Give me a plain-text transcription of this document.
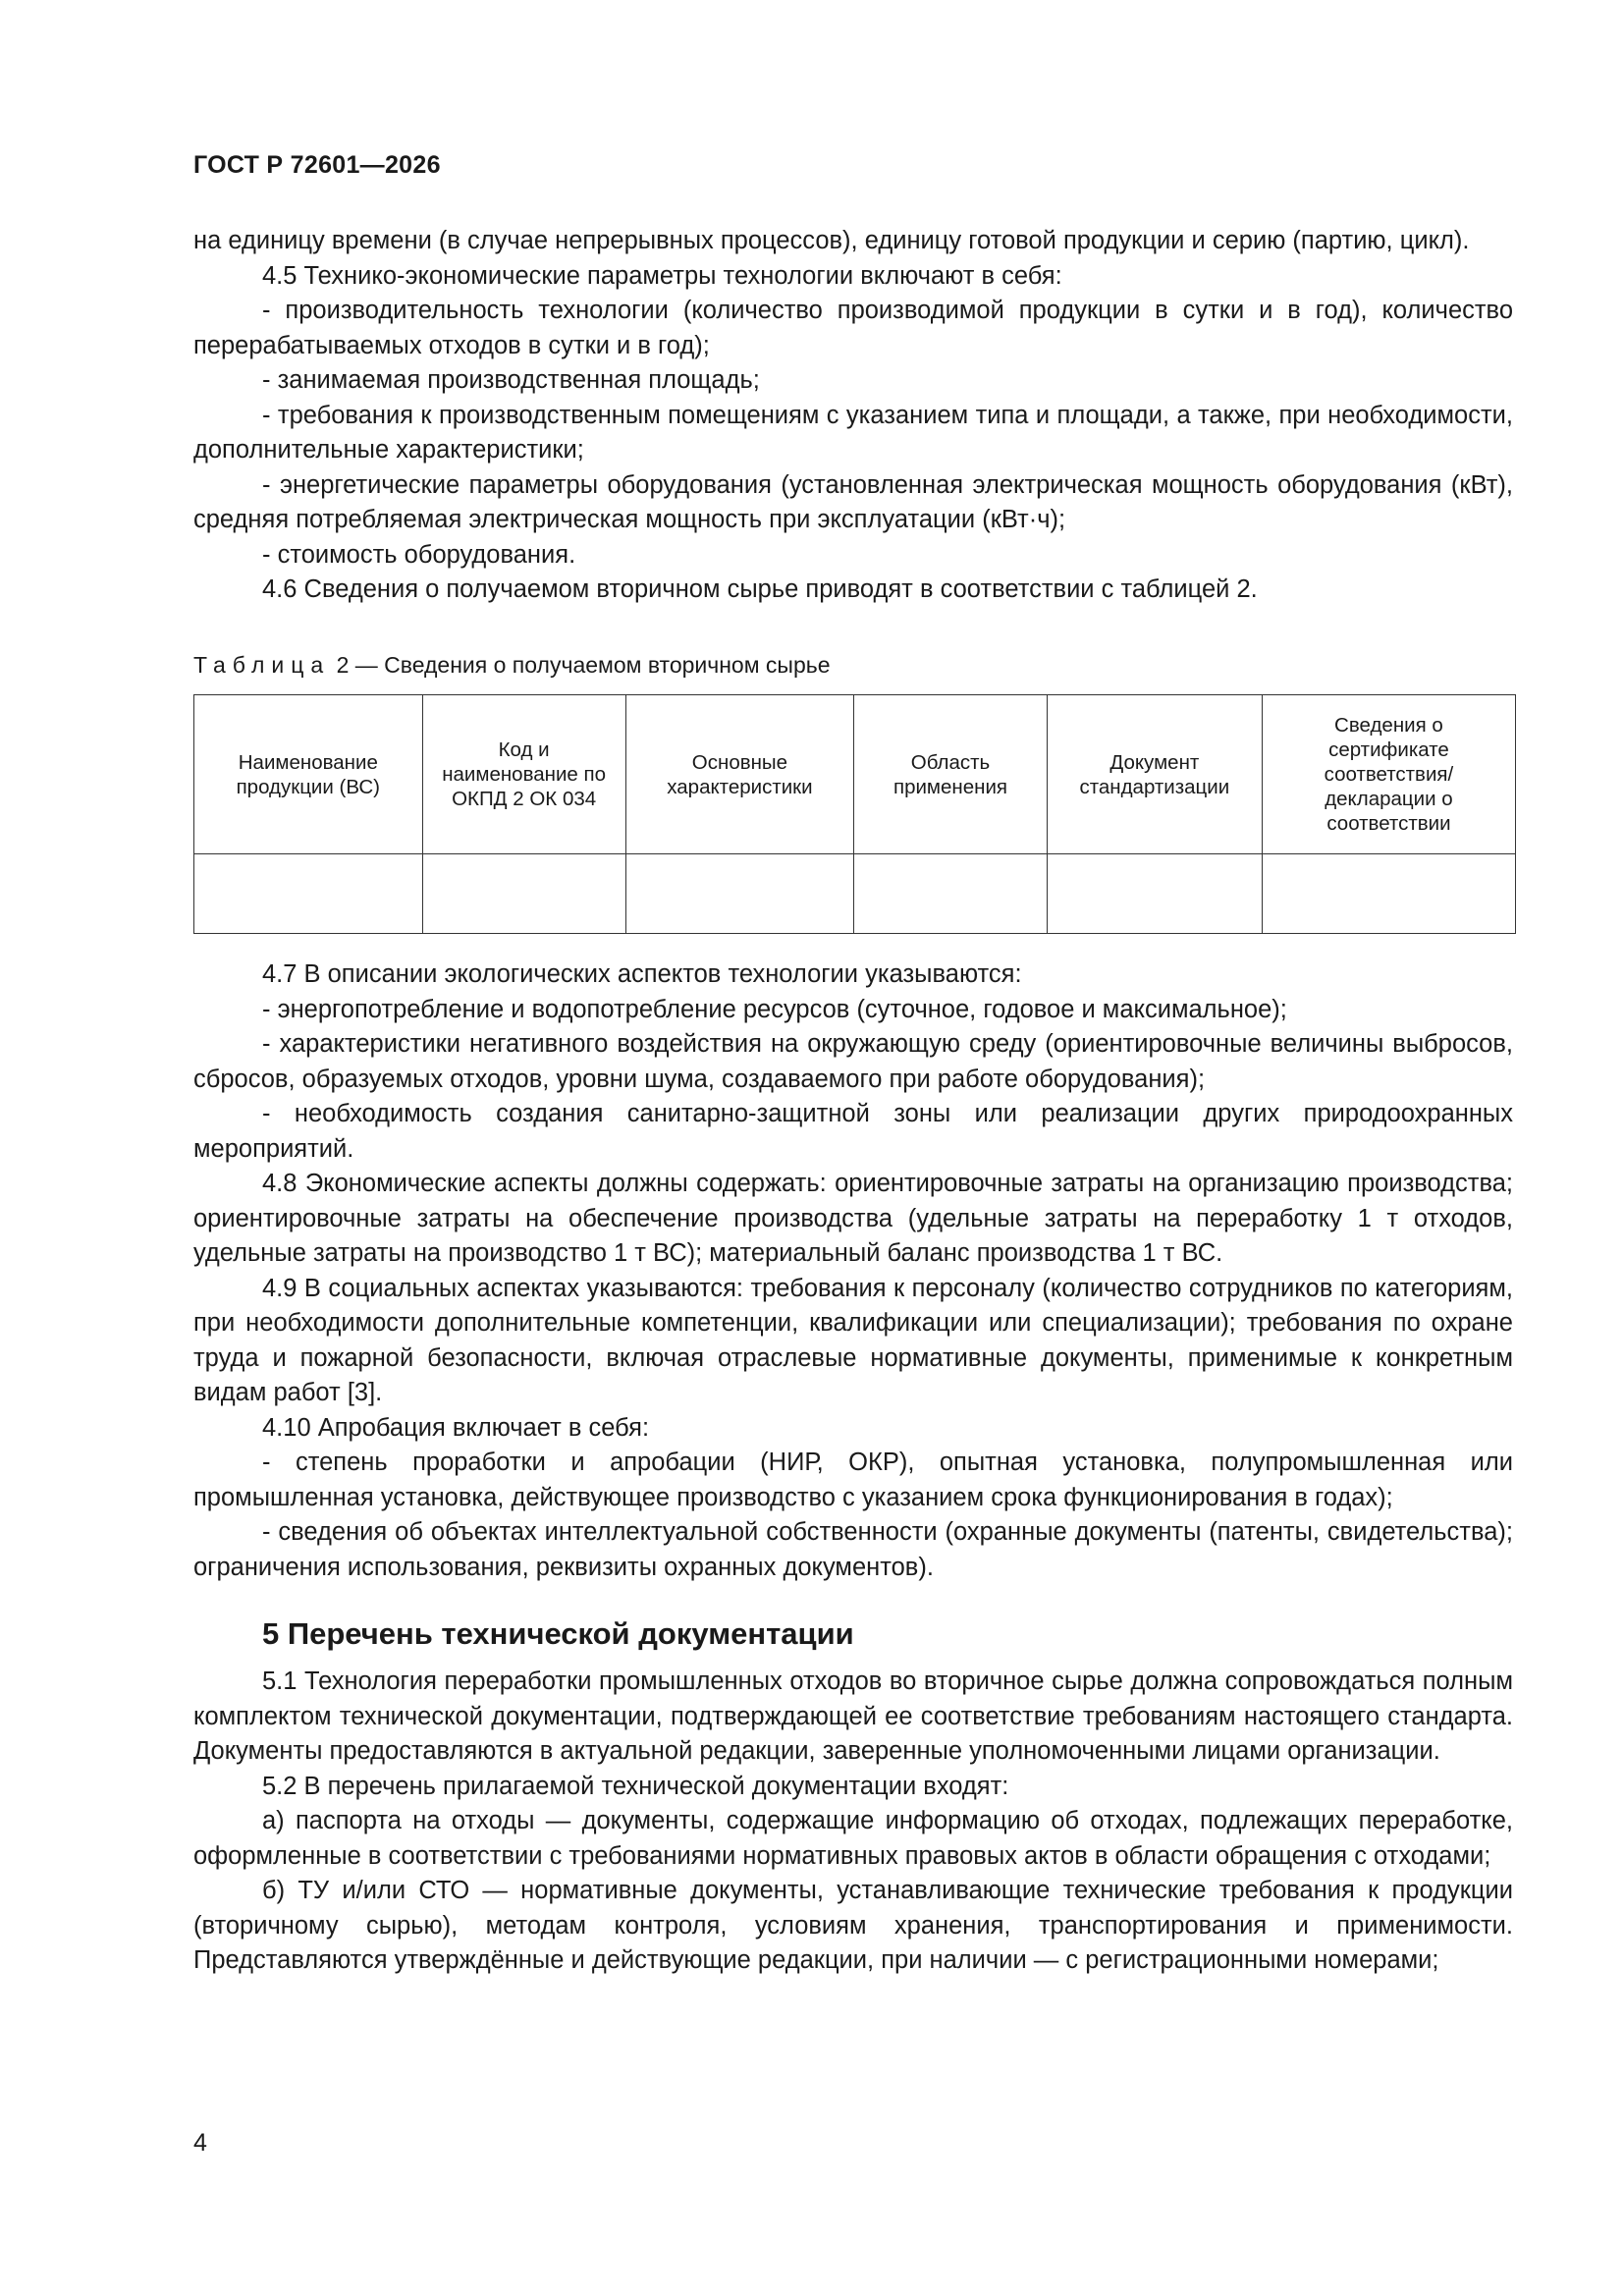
ГОСТ Р 72601—2026

на единицу времени (в случае непрерывных процессов), единицу готовой продукции и серию (партию, цикл).

4.5 Технико-экономические параметры технологии включают в себя:

- производительность технологии (количество производимой продукции в сутки и в год), количество перерабатываемых отходов в сутки и в год);

- занимаемая производственная площадь;

- требования к производственным помещениям с указанием типа и площади, а также, при необходимости, дополнительные характеристики;

- энергетические параметры оборудования (установленная электрическая мощность оборудования (кВт), средняя потребляемая электрическая мощность при эксплуатации (кВт·ч);

- стоимость оборудования.

4.6 Сведения о получаемом вторичном сырье приводят в соответствии с таблицей 2.

Таблица 2 — Сведения о получаемом вторичном сырье
Наименование продукции (ВС)	Код и наименование по ОКПД 2 ОК 034	Основные характеристики	Область применения	Документ стандартизации	Сведения о сертификате соответствия/ декларации о соответствии

4.7 В описании экологических аспектов технологии указываются:

- энергопотребление и водопотребление ресурсов (суточное, годовое и максимальное);

- характеристики негативного воздействия на окружающую среду (ориентировочные величины выбросов, сбросов, образуемых отходов, уровни шума, создаваемого при работе оборудования);

- необходимость создания санитарно-защитной зоны или реализации других природоохранных мероприятий.

4.8 Экономические аспекты должны содержать: ориентировочные затраты на организацию производства; ориентировочные затраты на обеспечение производства (удельные затраты на переработку 1 т отходов, удельные затраты на производство 1 т ВС); материальный баланс производства 1 т ВС.

4.9 В социальных аспектах указываются: требования к персоналу (количество сотрудников по категориям, при необходимости дополнительные компетенции, квалификации или специализации); требования по охране труда и пожарной безопасности, включая отраслевые нормативные документы, применимые к конкретным видам работ [3].

4.10 Апробация включает в себя:

- степень проработки и апробации (НИР, ОКР), опытная установка, полупромышленная или промышленная установка, действующее производство с указанием срока функционирования в годах);

- сведения об объектах интеллектуальной собственности (охранные документы (патенты, свидетельства); ограничения использования, реквизиты охранных документов).

5 Перечень технической документации

5.1 Технология переработки промышленных отходов во вторичное сырье должна сопровождаться полным комплектом технической документации, подтверждающей ее соответствие требованиям настоящего стандарта. Документы предоставляются в актуальной редакции, заверенные уполномоченными лицами организации.

5.2 В перечень прилагаемой технической документации входят:

а) паспорта на отходы — документы, содержащие информацию об отходах, подлежащих переработке, оформленные в соответствии с требованиями нормативных правовых актов в области обращения с отходами;

б) ТУ и/или СТО — нормативные документы, устанавливающие технические требования к продукции (вторичному сырью), методам контроля, условиям хранения, транспортирования и применимости. Представляются утверждённые и действующие редакции, при наличии — с регистрационными номерами;

4
